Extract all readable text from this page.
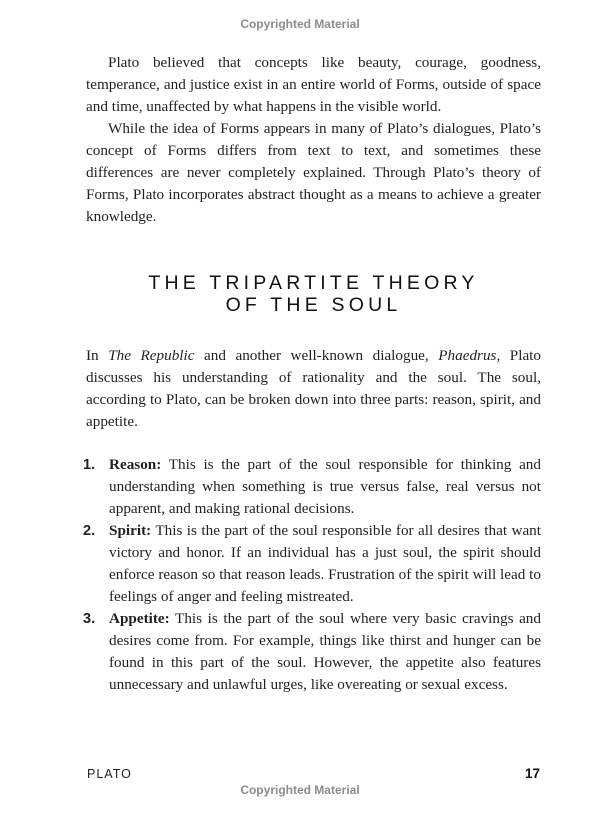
Copyrighted Material

Plato believed that concepts like beauty, courage, goodness, temperance, and justice exist in an entire world of Forms, outside of space and time, unaffected by what happens in the visible world.

While the idea of Forms appears in many of Plato’s dialogues, Plato’s concept of Forms differs from text to text, and sometimes these differences are never completely explained. Through Plato’s theory of Forms, Plato incorporates abstract thought as a means to achieve a greater knowledge.

THE TRIPARTITE THEORY
OF THE SOUL

In The Republic and another well-known dialogue, Phaedrus, Plato discusses his understanding of rationality and the soul. The soul, according to Plato, can be broken down into three parts: reason, spirit, and appetite.

1. Reason: This is the part of the soul responsible for thinking and understanding when something is true versus false, real versus not apparent, and making rational decisions.
2. Spirit: This is the part of the soul responsible for all desires that want victory and honor. If an individual has a just soul, the spirit should enforce reason so that reason leads. Frustration of the spirit will lead to feelings of anger and feeling mistreated.
3. Appetite: This is the part of the soul where very basic cravings and desires come from. For example, things like thirst and hunger can be found in this part of the soul. However, the appetite also features unnecessary and unlawful urges, like overeating or sexual excess.
PLATO	17
Copyrighted Material
